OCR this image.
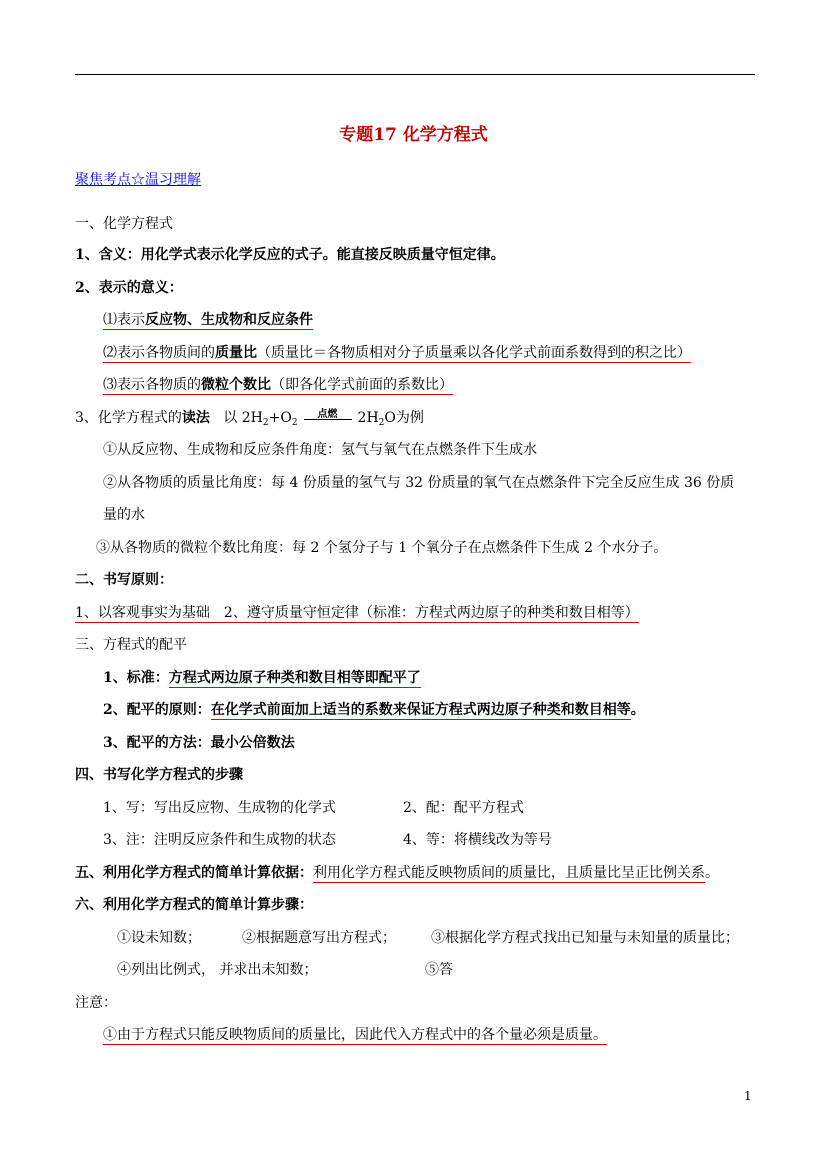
专题17 化学方程式
聚焦考点☆温习理解
一、化学方程式
1、含义：用化学式表示化学反应的式子。能直接反映质量守恒定律。
2、表示的意义：
⑴表示反应物、生成物和反应条件
⑵表示各物质间的质量比（质量比＝各物质相对分子质量乘以各化学式前面系数得到的积之比）
⑶表示各物质的微粒个数比（即各化学式前面的系数比）
3、化学方程式的读法 以 $2H_2+O_2$
点燃	$2H_2O$为例
①从反应物、生成物和反应条件角度：氢气与氧气在点燃条件下生成水
②从各物质的质量比角度：每 4 份质量的氢气与 32 份质量的氧气在点燃条件下完全反应生成 36 份质
量的水
③从各物质的微粒个数比角度：每 2 个氢分子与 1 个氧分子在点燃条件下生成 2 个水分子。
二、书写原则：
1、以客观事实为基础　2、遵守质量守恒定律（标准：方程式两边原子的种类和数目相等）
三、方程式的配平
1、标准：方程式两边原子种类和数目相等即配平了
2、配平的原则：在化学式前面加上适当的系数来保证方程式两边原子种类和数目相等。
3、配平的方法：最小公倍数法
四、书写化学方程式的步骤
1、写：写出反应物、生成物的化学式	2、配：配平方程式
3、注：注明反应条件和生成物的状态	4、等：将横线改为等号
五、利用化学方程式的简单计算依据：利用化学方程式能反映物质间的质量比，且质量比呈正比例关系。
六、利用化学方程式的简单计算步骤：
①设未知数；	②根据题意写出方程式；	③根据化学方程式找出已知量与未知量的质量比；
④列出比例式， 并求出未知数；	⑤答
注意：
①由于方程式只能反映物质间的质量比，因此代入方程式中的各个量必须是质量。
1
